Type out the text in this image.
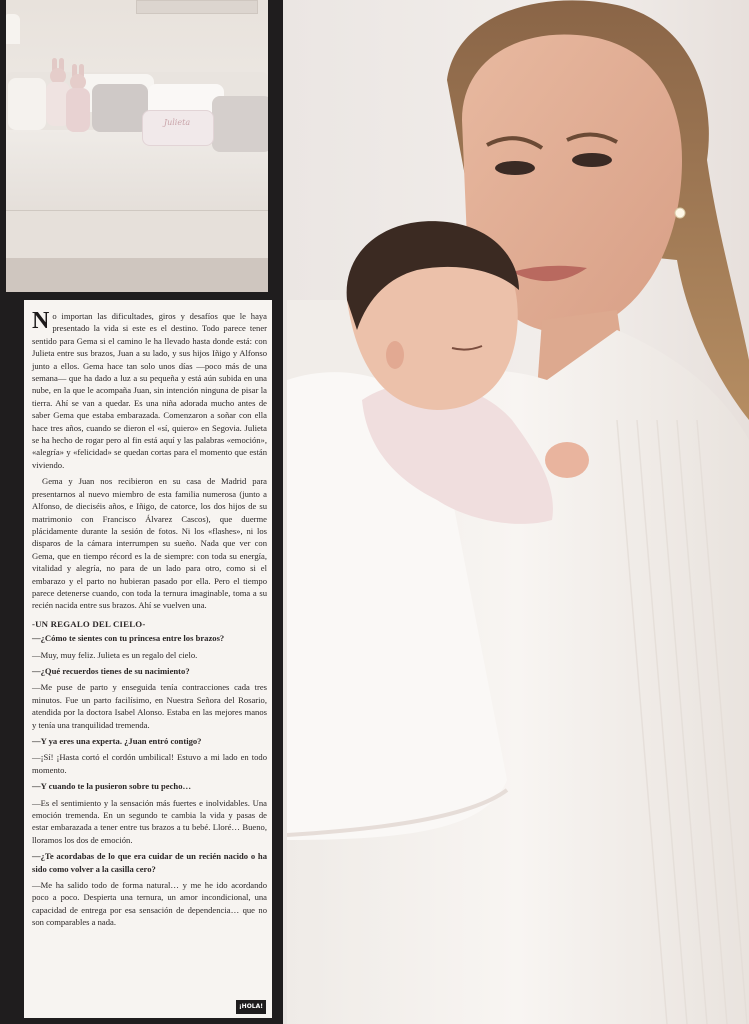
Julieta

No importan las dificultades, giros y desafíos que le haya presentado la vida si este es el destino. Todo parece tener sentido para Gema si el camino le ha llevado hasta donde está: con Julieta entre sus brazos, Juan a su lado, y sus hijos Iñigo y Alfonso junto a ellos. Gema hace tan solo unos días —poco más de una semana— que ha dado a luz a su pequeña y está aún subida en una nube, en la que le acompaña Juan, sin intención ninguna de pisar la tierra. Ahí se van a quedar. Es una niña adorada mucho antes de saber Gema que estaba embarazada. Comenzaron a soñar con ella hace tres años, cuando se dieron el «sí, quiero» en Segovia. Julieta se ha hecho de rogar pero al fin está aquí y las palabras «emoción», «alegría» y «felicidad» se quedan cortas para el momento que están viviendo.

Gema y Juan nos recibieron en su casa de Madrid para presentarnos al nuevo miembro de esta familia numerosa (junto a Alfonso, de dieciséis años, e Iñigo, de catorce, los dos hijos de su matrimonio con Francisco Álvarez Cascos), que duerme plácidamente durante la sesión de fotos. Ni los «flashes», ni los disparos de la cámara interrumpen su sueño. Nada que ver con Gema, que en tiempo récord es la de siempre: con toda su energía, vitalidad y alegría, no para de un lado para otro, como si el embarazo y el parto no hubieran pasado por ella. Pero el tiempo parece detenerse cuando, con toda la ternura imaginable, toma a su recién nacida entre sus brazos. Ahí se vuelven una.

-UN REGALO DEL CIELO-

—¿Cómo te sientes con tu princesa entre los brazos?

—Muy, muy feliz. Julieta es un regalo del cielo.

—¿Qué recuerdos tienes de su nacimiento?

—Me puse de parto y enseguida tenía contracciones cada tres minutos. Fue un parto facilísimo, en Nuestra Señora del Rosario, atendida por la doctora Isabel Alonso. Estaba en las mejores manos y tenía una tranquilidad tremenda.

—Y ya eres una experta. ¿Juan entró contigo?

—¡Sí! ¡Hasta cortó el cordón umbilical! Estuvo a mi lado en todo momento.

—Y cuando te la pusieron sobre tu pecho…

—Es el sentimiento y la sensación más fuertes e inolvidables. Una emoción tremenda. En un segundo te cambia la vida y pasas de estar embarazada a tener entre tus brazos a tu bebé. Lloré… Bueno, lloramos los dos de emoción.

—¿Te acordabas de lo que era cuidar de un recién nacido o ha sido como volver a la casilla cero?

—Me ha salido todo de forma natural… y me he ido acordando poco a poco. Despierta una ternura, un amor incondicional, una capacidad de entrega por esa sensación de dependencia… que no son comparables a nada.

¡HOLA!
